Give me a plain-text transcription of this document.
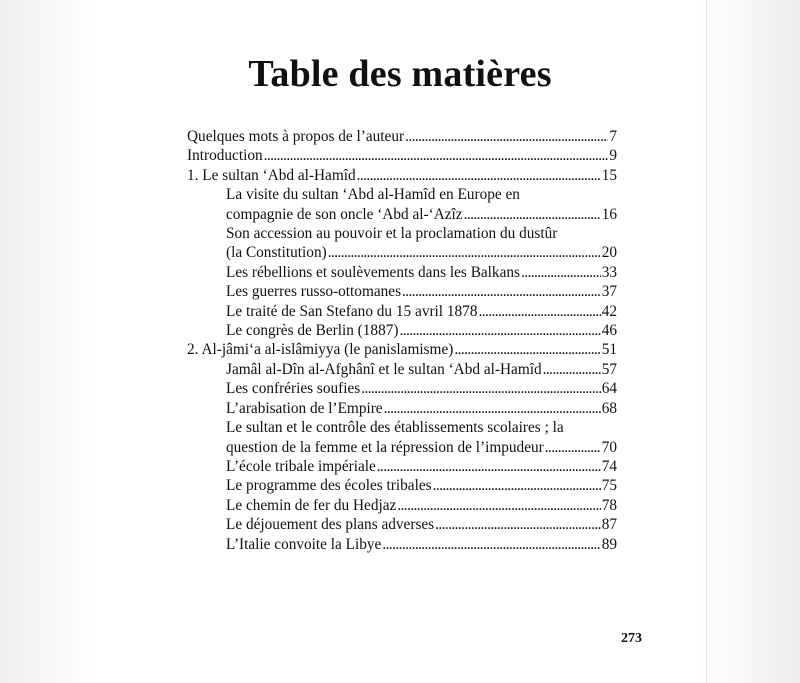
Table des matières
Quelques mots à propos de l’auteur . . .	7
Introduction . . .	9
1. Le sultan ‘Abd al-Hamîd . . .	15
La visite du sultan ‘Abd al-Hamîd en Europe en
compagnie de son oncle ‘Abd al-‘Azîz . . .	16
Son accession au pouvoir et la proclamation du dustûr
(la Constitution) . . .	20
Les rébellions et soulèvements dans les Balkans . . .	33
Les guerres russo-ottomanes . . .	37
Le traité de San Stefano du 15 avril 1878 . . .	42
Le congrès de Berlin (1887) . . .	46
2. Al-jâmi‘a al-islâmiyya (le panislamisme) . . .	51
Jamâl al-Dîn al-Afghânî et le sultan ‘Abd al-Hamîd . . .	57
Les confréries soufies . . .	64
L’arabisation de l’Empire . . .	68
Le sultan et le contrôle des établissements scolaires ; la
question de la femme et la répression de l’impudeur . . .	70
L’école tribale impériale . . .	74
Le programme des écoles tribales . . .	75
Le chemin de fer du Hedjaz . . .	78
Le déjouement des plans adverses . . .	87
L’Italie convoite la Libye . . .	89

273
